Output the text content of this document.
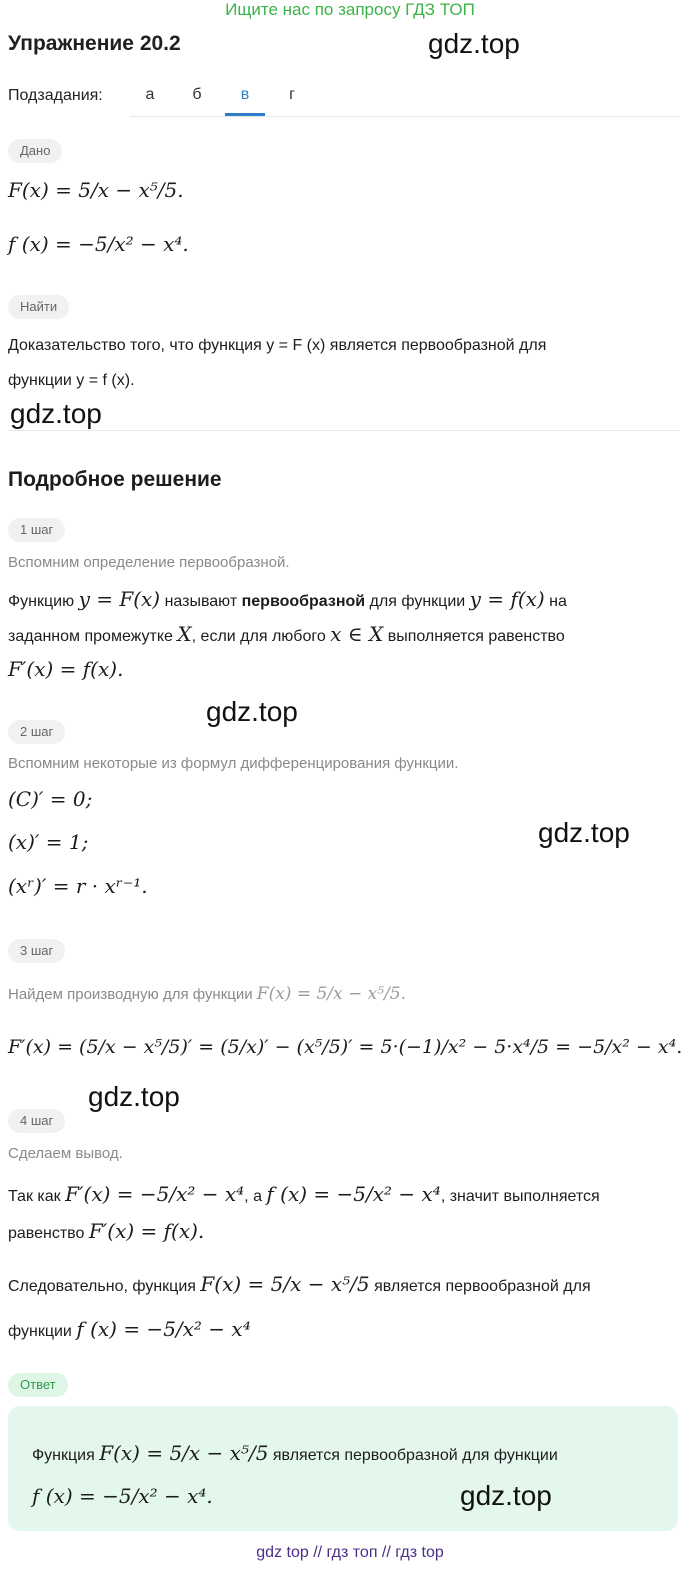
Ищите нас по запросу ГДЗ ТОП
Упражнение 20.2	gdz.top
Подзадания:	а	б	в	г
Дано
F(x) = 5/x − x⁵/5.
f (x) = −5/x² − x⁴.
Найти
Доказательство того, что функция y = F (x) является первообразной для
функции y = f (x).
gdz.top
Подробное решение
1 шаг
Вспомним определение первообразной.
Функцию y = F(x) называют первообразной для функции y = f(x) на
заданном промежутке X, если для любого x ∈ X выполняется равенство
F′(x) = f(x).
gdz.top
2 шаг
Вспомним некоторые из формул дифференцирования функции.
(C)′ = 0;
(x)′ = 1;
(xʳ)′ = r · xʳ⁻¹.
gdz.top
3 шаг
Найдем производную для функции F(x) = 5/x − x⁵/5.
F′(x) = (5/x − x⁵/5)′ = (5/x)′ − (x⁵/5)′ = 5·(−1)/x² − 5·x⁴/5 = −5/x² − x⁴.
gdz.top
4 шаг
Сделаем вывод.
Так как F′(x) = −5/x² − x⁴, а f (x) = −5/x² − x⁴, значит выполняется
равенство F′(x) = f(x).
Следовательно, функция F(x) = 5/x − x⁵/5 является первообразной для
функции f (x) = −5/x² − x⁴
Ответ
Функция F(x) = 5/x − x⁵/5 является первообразной для функции
f (x) = −5/x² − x⁴.	gdz.top
gdz top // гдз топ // гдз top
